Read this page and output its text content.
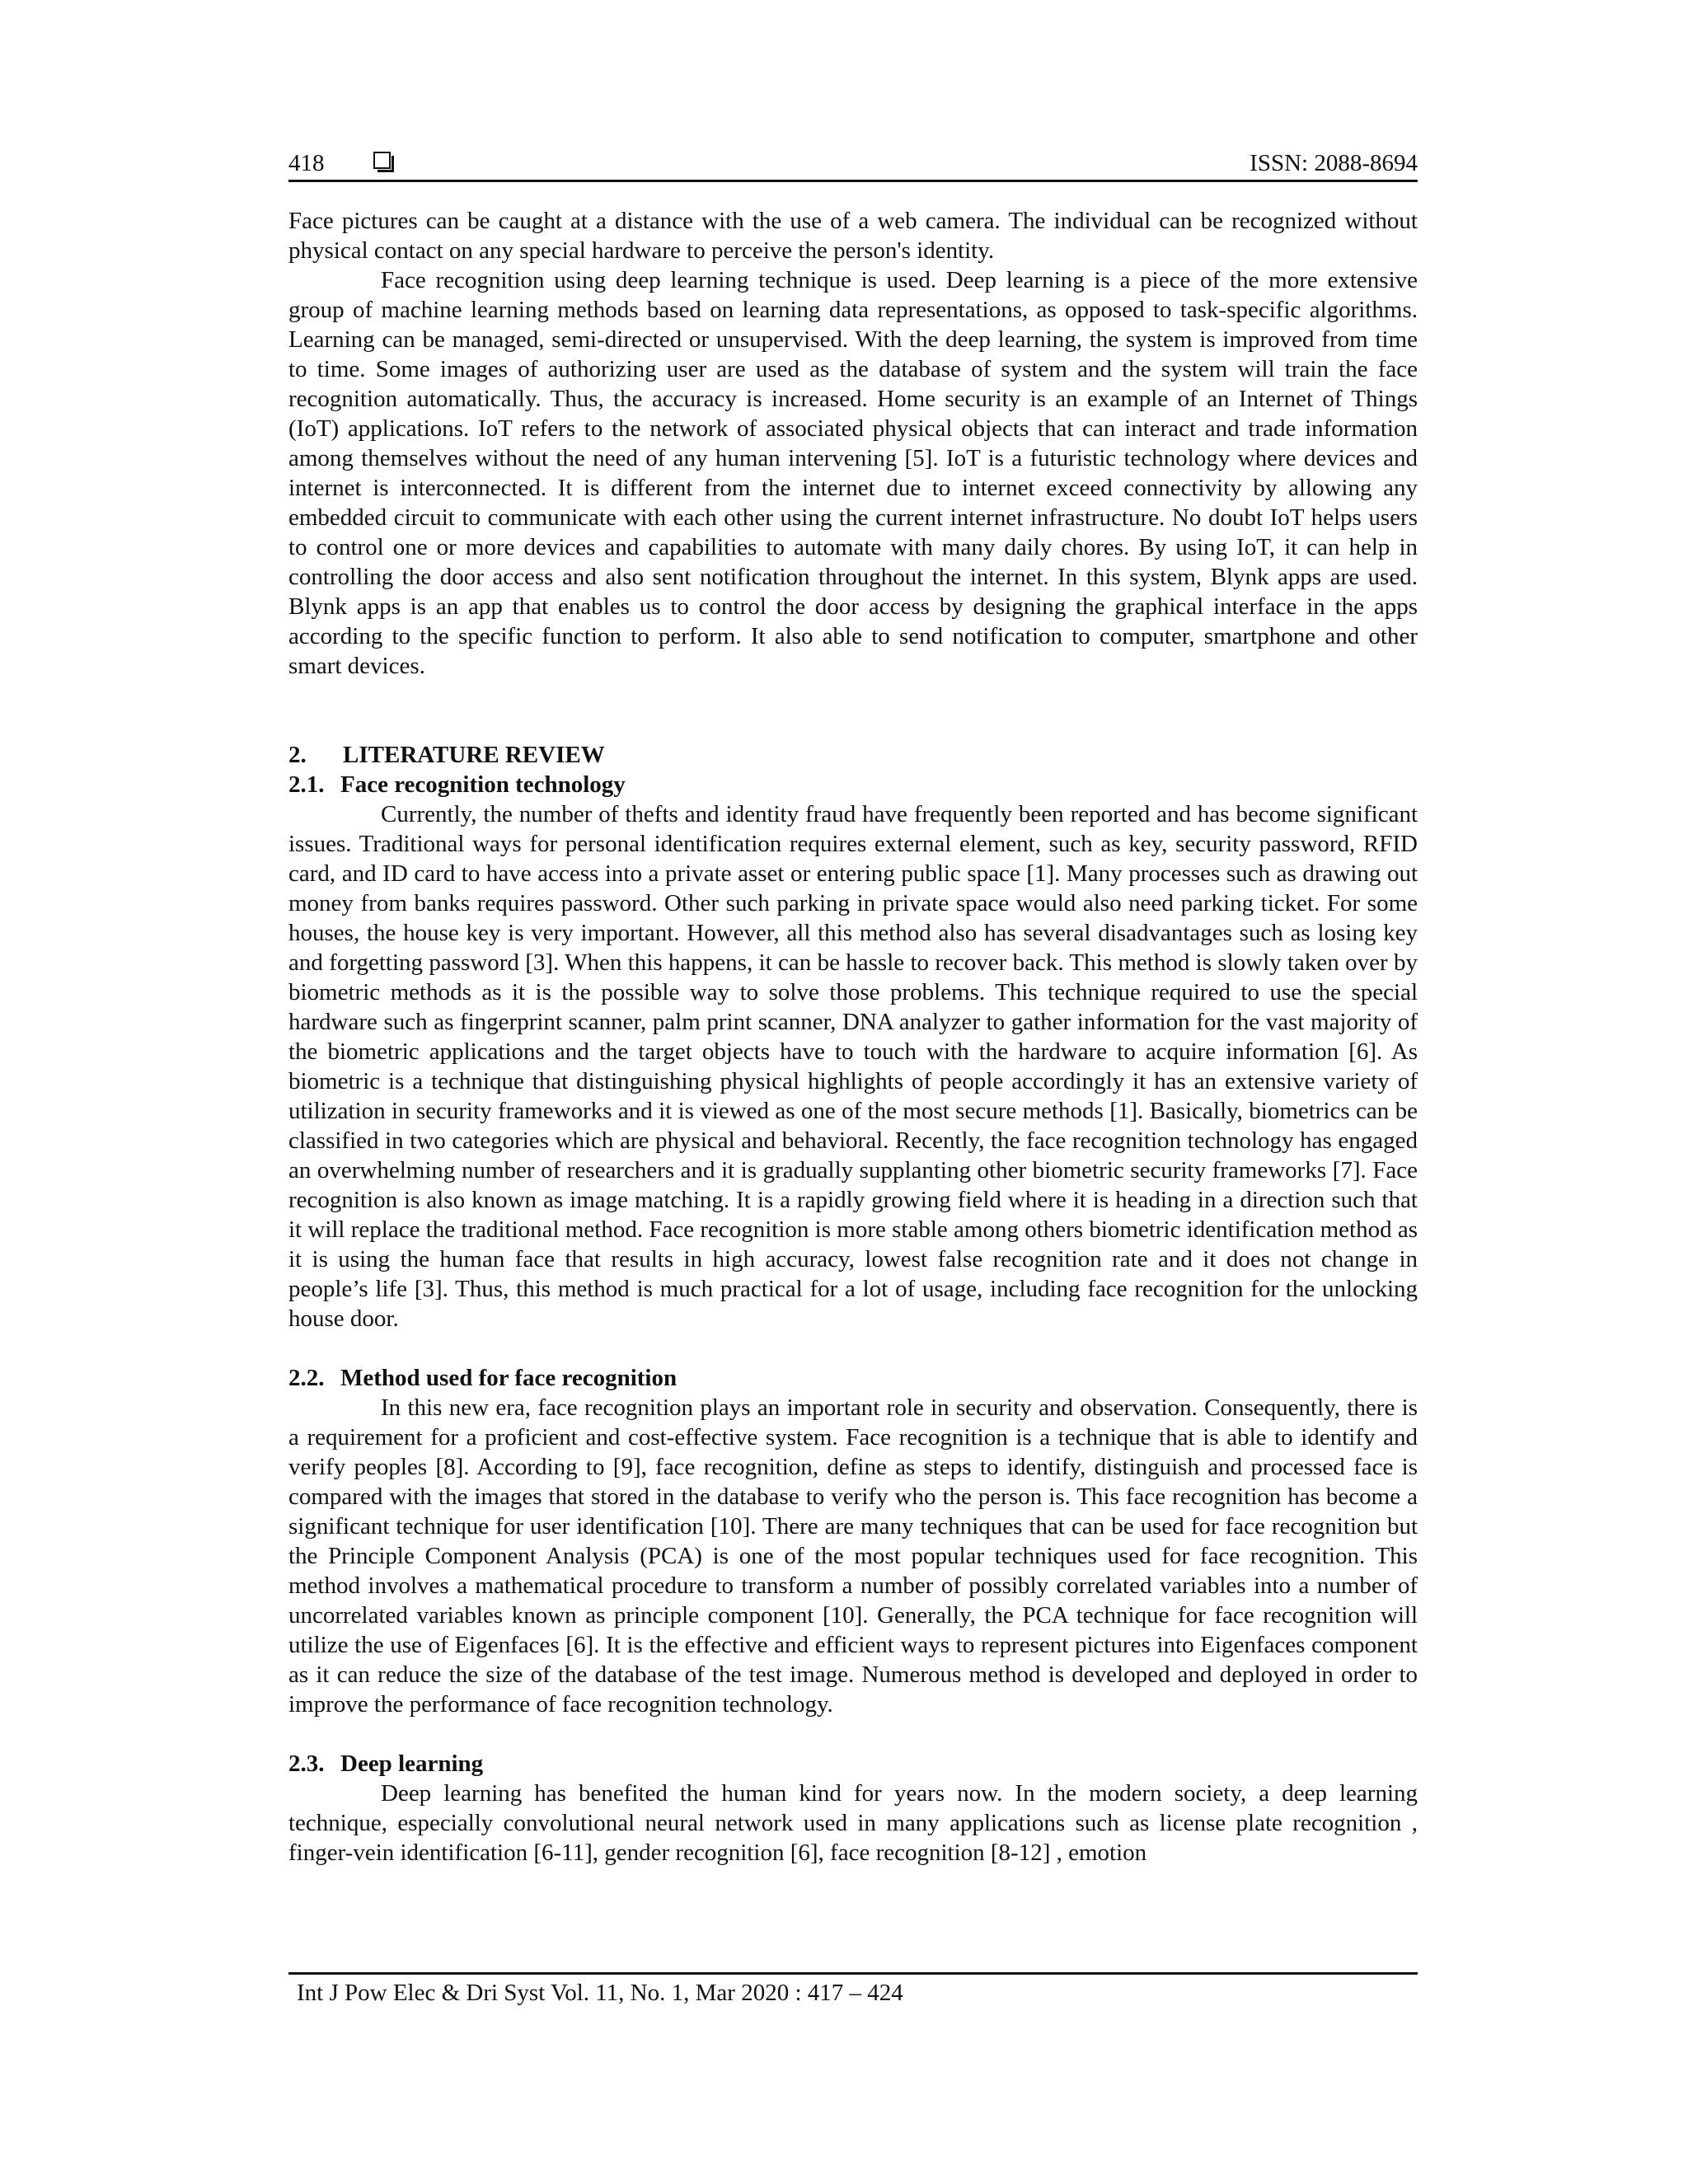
418	ISSN: 2088-8694

Face pictures can be caught at a distance with the use of a web camera. The individual can be recognized without physical contact on any special hardware to perceive the person's identity.

Face recognition using deep learning technique is used. Deep learning is a piece of the more extensive group of machine learning methods based on learning data representations, as opposed to task-specific algorithms. Learning can be managed, semi-directed or unsupervised. With the deep learning, the system is improved from time to time. Some images of authorizing user are used as the database of system and the system will train the face recognition automatically. Thus, the accuracy is increased. Home security is an example of an Internet of Things (IoT) applications. IoT refers to the network of associated physical objects that can interact and trade information among themselves without the need of any human intervening [5]. IoT is a futuristic technology where devices and internet is interconnected. It is different from the internet due to internet exceed connectivity by allowing any embedded circuit to communicate with each other using the current internet infrastructure. No doubt IoT helps users to control one or more devices and capabilities to automate with many daily chores. By using IoT, it can help in controlling the door access and also sent notification throughout the internet. In this system, Blynk apps are used. Blynk apps is an app that enables us to control the door access by designing the graphical interface in the apps according to the specific function to perform. It also able to send notification to computer, smartphone and other smart devices.

2. LITERATURE REVIEW

2.1. Face recognition technology

Currently, the number of thefts and identity fraud have frequently been reported and has become significant issues. Traditional ways for personal identification requires external element, such as key, security password, RFID card, and ID card to have access into a private asset or entering public space [1]. Many processes such as drawing out money from banks requires password. Other such parking in private space would also need parking ticket. For some houses, the house key is very important. However, all this method also has several disadvantages such as losing key and forgetting password [3]. When this happens, it can be hassle to recover back. This method is slowly taken over by biometric methods as it is the possible way to solve those problems. This technique required to use the special hardware such as fingerprint scanner, palm print scanner, DNA analyzer to gather information for the vast majority of the biometric applications and the target objects have to touch with the hardware to acquire information [6]. As biometric is a technique that distinguishing physical highlights of people accordingly it has an extensive variety of utilization in security frameworks and it is viewed as one of the most secure methods [1]. Basically, biometrics can be classified in two categories which are physical and behavioral. Recently, the face recognition technology has engaged an overwhelming number of researchers and it is gradually supplanting other biometric security frameworks [7]. Face recognition is also known as image matching. It is a rapidly growing field where it is heading in a direction such that it will replace the traditional method. Face recognition is more stable among others biometric identification method as it is using the human face that results in high accuracy, lowest false recognition rate and it does not change in people’s life [3]. Thus, this method is much practical for a lot of usage, including face recognition for the unlocking house door.

2.2. Method used for face recognition

In this new era, face recognition plays an important role in security and observation. Consequently, there is a requirement for a proficient and cost-effective system. Face recognition is a technique that is able to identify and verify peoples [8]. According to [9], face recognition, define as steps to identify, distinguish and processed face is compared with the images that stored in the database to verify who the person is. This face recognition has become a significant technique for user identification [10]. There are many techniques that can be used for face recognition but the Principle Component Analysis (PCA) is one of the most popular techniques used for face recognition. This method involves a mathematical procedure to transform a number of possibly correlated variables into a number of uncorrelated variables known as principle component [10]. Generally, the PCA technique for face recognition will utilize the use of Eigenfaces [6]. It is the effective and efficient ways to represent pictures into Eigenfaces component as it can reduce the size of the database of the test image. Numerous method is developed and deployed in order to improve the performance of face recognition technology.

2.3. Deep learning

Deep learning has benefited the human kind for years now. In the modern society, a deep learning technique, especially convolutional neural network used in many applications such as license plate recognition , finger-vein identification [6-11], gender recognition [6], face recognition [8-12] , emotion

Int J Pow Elec & Dri Syst Vol. 11, No. 1, Mar 2020 : 417 – 424
